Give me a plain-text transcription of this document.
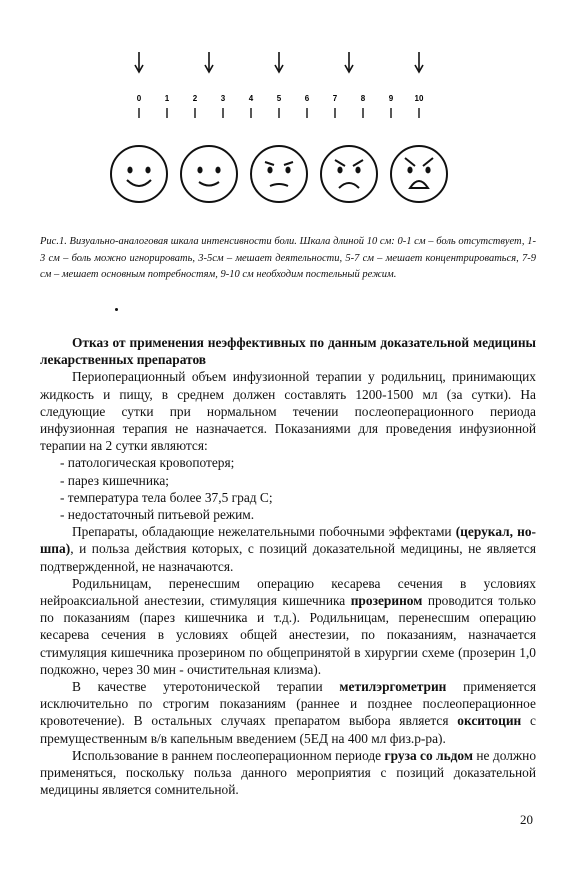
0	1	2	3	4	5	6	7	8	9	10
Рис.1. Визуально-аналоговая шкала интенсивности боли. Шкала длиной 10 см: 0-1 см – боль отсутствует, 1-3 см – боль можно игнорировать, 3-5см – мешает деятельности, 5-7 см – мешает концентрироваться, 7-9 см – мешает основным потребностям, 9-10 см необходим постельный режим.

Отказ от применения неэффективных по данным доказательной медицины лекарственных препаратов

Периоперационный объем инфузионной терапии у родильниц, принимающих жидкость и пищу, в среднем должен составлять 1200-1500 мл (за сутки). На следующие сутки при нормальном течении послеоперационного периода инфузионная терапия не назначается. Показаниями для проведения инфузионной терапии на 2 сутки являются:

- патологическая кровопотеря;

- парез кишечника;

- температура тела более 37,5 град С;

- недостаточный питьевой режим.

Препараты, обладающие нежелательными побочными эффектами (церукал, но-шпа), и польза действия которых, с позиций доказательной медицины, не является подтвержденной, не назначаются.

Родильницам, перенесшим операцию кесарева сечения в условиях нейроаксиальной анестезии, стимуляция кишечника прозерином проводится только по показаниям (парез кишечника и т.д.). Родильницам, перенесшим операцию кесарева сечения в условиях общей анестезии, по показаниям, назначается стимуляция кишечника прозерином по общепринятой в хирургии схеме (прозерин 1,0 подкожно, через 30 мин - очистительная клизма).

В качестве утеротонической терапии метилэргометрин применяется исключительно по строгим показаниям (раннее и позднее послеоперационное кровотечение). В остальных случаях препаратом выбора является окситоцин с премущественным в/в капельным введением (5ЕД на 400 мл физ.р-ра).

Использование в раннем послеоперационном периоде груза со льдом не должно применяться, поскольку польза данного мероприятия с позиций доказательной медицины является сомнительной.

20
